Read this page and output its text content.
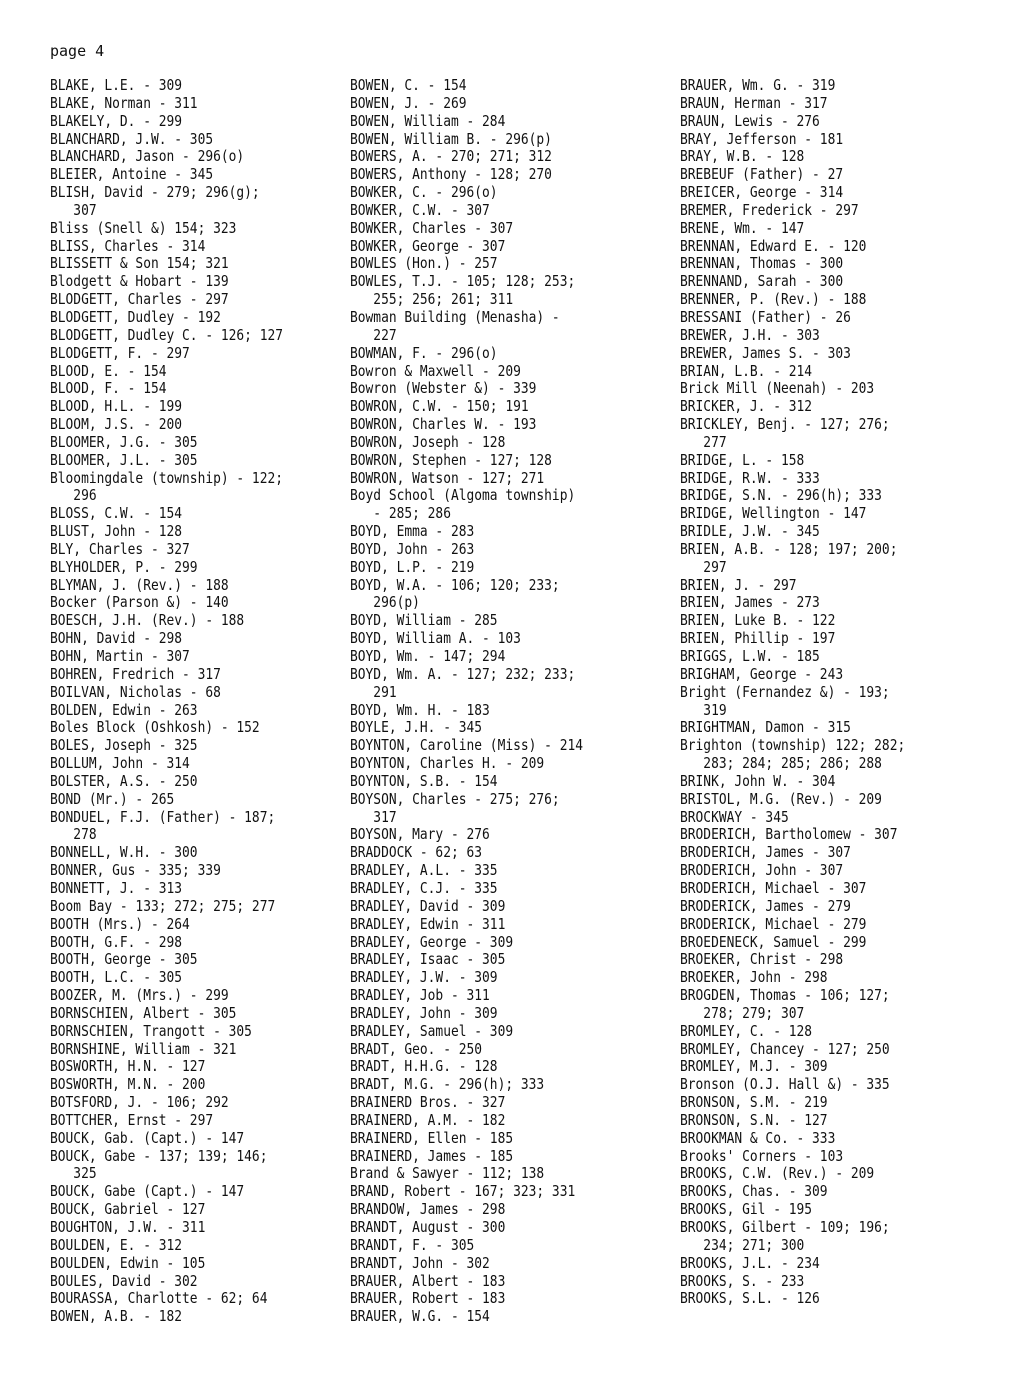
page 4
BLAKE, L.E. - 309
BLAKE, Norman - 311
BLAKELY, D. - 299
BLANCHARD, J.W. - 305
BLANCHARD, Jason - 296(o)
BLEIER, Antoine - 345
BLISH, David - 279; 296(g);
307
Bliss (Snell &) 154; 323
BLISS, Charles - 314
BLISSETT & Son 154; 321
Blodgett & Hobart - 139
BLODGETT, Charles - 297
BLODGETT, Dudley - 192
BLODGETT, Dudley C. - 126; 127
BLODGETT, F. - 297
BLOOD, E. - 154
BLOOD, F. - 154
BLOOD, H.L. - 199
BLOOM, J.S. - 200
BLOOMER, J.G. - 305
BLOOMER, J.L. - 305
Bloomingdale (township) - 122;
296
BLOSS, C.W. - 154
BLUST, John - 128
BLY, Charles - 327
BLYHOLDER, P. - 299
BLYMAN, J. (Rev.) - 188
Bocker (Parson &) - 140
BOESCH, J.H. (Rev.) - 188
BOHN, David - 298
BOHN, Martin - 307
BOHREN, Fredrich - 317
BOILVAN, Nicholas - 68
BOLDEN, Edwin - 263
Boles Block (Oshkosh) - 152
BOLES, Joseph - 325
BOLLUM, John - 314
BOLSTER, A.S. - 250
BOND (Mr.) - 265
BONDUEL, F.J. (Father) - 187;
278
BONNELL, W.H. - 300
BONNER, Gus - 335; 339
BONNETT, J. - 313
Boom Bay - 133; 272; 275; 277
BOOTH (Mrs.) - 264
BOOTH, G.F. - 298
BOOTH, George - 305
BOOTH, L.C. - 305
BOOZER, M. (Mrs.) - 299
BORNSCHIEN, Albert - 305
BORNSCHIEN, Trangott - 305
BORNSHINE, William - 321
BOSWORTH, H.N. - 127
BOSWORTH, M.N. - 200
BOTSFORD, J. - 106; 292
BOTTCHER, Ernst - 297
BOUCK, Gab. (Capt.) - 147
BOUCK, Gabe - 137; 139; 146;
325
BOUCK, Gabe (Capt.) - 147
BOUCK, Gabriel - 127
BOUGHTON, J.W. - 311
BOULDEN, E. - 312
BOULDEN, Edwin - 105
BOULES, David - 302
BOURASSA, Charlotte - 62; 64
BOWEN, A.B. - 182
BOWEN, C. - 154
BOWEN, J. - 269
BOWEN, William - 284
BOWEN, William B. - 296(p)
BOWERS, A. - 270; 271; 312
BOWERS, Anthony - 128; 270
BOWKER, C. - 296(o)
BOWKER, C.W. - 307
BOWKER, Charles - 307
BOWKER, George - 307
BOWLES (Hon.) - 257
BOWLES, T.J. - 105; 128; 253;
255; 256; 261; 311
Bowman Building (Menasha) -
227
BOWMAN, F. - 296(o)
Bowron & Maxwell - 209
Bowron (Webster &) - 339
BOWRON, C.W. - 150; 191
BOWRON, Charles W. - 193
BOWRON, Joseph - 128
BOWRON, Stephen - 127; 128
BOWRON, Watson - 127; 271
Boyd School (Algoma township)
- 285; 286
BOYD, Emma - 283
BOYD, John - 263
BOYD, L.P. - 219
BOYD, W.A. - 106; 120; 233;
296(p)
BOYD, William - 285
BOYD, William A. - 103
BOYD, Wm. - 147; 294
BOYD, Wm. A. - 127; 232; 233;
291
BOYD, Wm. H. - 183
BOYLE, J.H. - 345
BOYNTON, Caroline (Miss) - 214
BOYNTON, Charles H. - 209
BOYNTON, S.B. - 154
BOYSON, Charles - 275; 276;
317
BOYSON, Mary - 276
BRADDOCK - 62; 63
BRADLEY, A.L. - 335
BRADLEY, C.J. - 335
BRADLEY, David - 309
BRADLEY, Edwin - 311
BRADLEY, George - 309
BRADLEY, Isaac - 305
BRADLEY, J.W. - 309
BRADLEY, Job - 311
BRADLEY, John - 309
BRADLEY, Samuel - 309
BRADT, Geo. - 250
BRADT, H.H.G. - 128
BRADT, M.G. - 296(h); 333
BRAINERD Bros. - 327
BRAINERD, A.M. - 182
BRAINERD, Ellen - 185
BRAINERD, James - 185
Brand & Sawyer - 112; 138
BRAND, Robert - 167; 323; 331
BRANDOW, James - 298
BRANDT, August - 300
BRANDT, F. - 305
BRANDT, John - 302
BRAUER, Albert - 183
BRAUER, Robert - 183
BRAUER, W.G. - 154
BRAUER, Wm. G. - 319
BRAUN, Herman - 317
BRAUN, Lewis - 276
BRAY, Jefferson - 181
BRAY, W.B. - 128
BREBEUF (Father) - 27
BREICER, George - 314
BREMER, Frederick - 297
BRENE, Wm. - 147
BRENNAN, Edward E. - 120
BRENNAN, Thomas - 300
BRENNAND, Sarah - 300
BRENNER, P. (Rev.) - 188
BRESSANI (Father) - 26
BREWER, J.H. - 303
BREWER, James S. - 303
BRIAN, L.B. - 214
Brick Mill (Neenah) - 203
BRICKER, J. - 312
BRICKLEY, Benj. - 127; 276;
277
BRIDGE, L. - 158
BRIDGE, R.W. - 333
BRIDGE, S.N. - 296(h); 333
BRIDGE, Wellington - 147
BRIDLE, J.W. - 345
BRIEN, A.B. - 128; 197; 200;
297
BRIEN, J. - 297
BRIEN, James - 273
BRIEN, Luke B. - 122
BRIEN, Phillip - 197
BRIGGS, L.W. - 185
BRIGHAM, George - 243
Bright (Fernandez &) - 193;
319
BRIGHTMAN, Damon - 315
Brighton (township) 122; 282;
283; 284; 285; 286; 288
BRINK, John W. - 304
BRISTOL, M.G. (Rev.) - 209
BROCKWAY - 345
BRODERICH, Bartholomew - 307
BRODERICH, James - 307
BRODERICH, John - 307
BRODERICH, Michael - 307
BRODERICK, James - 279
BRODERICK, Michael - 279
BROEDENECK, Samuel - 299
BROEKER, Christ - 298
BROEKER, John - 298
BROGDEN, Thomas - 106; 127;
278; 279; 307
BROMLEY, C. - 128
BROMLEY, Chancey - 127; 250
BROMLEY, M.J. - 309
Bronson (O.J. Hall &) - 335
BRONSON, S.M. - 219
BRONSON, S.N. - 127
BROOKMAN & Co. - 333
Brooks' Corners - 103
BROOKS, C.W. (Rev.) - 209
BROOKS, Chas. - 309
BROOKS, Gil - 195
BROOKS, Gilbert - 109; 196;
234; 271; 300
BROOKS, J.L. - 234
BROOKS, S. - 233
BROOKS, S.L. - 126
